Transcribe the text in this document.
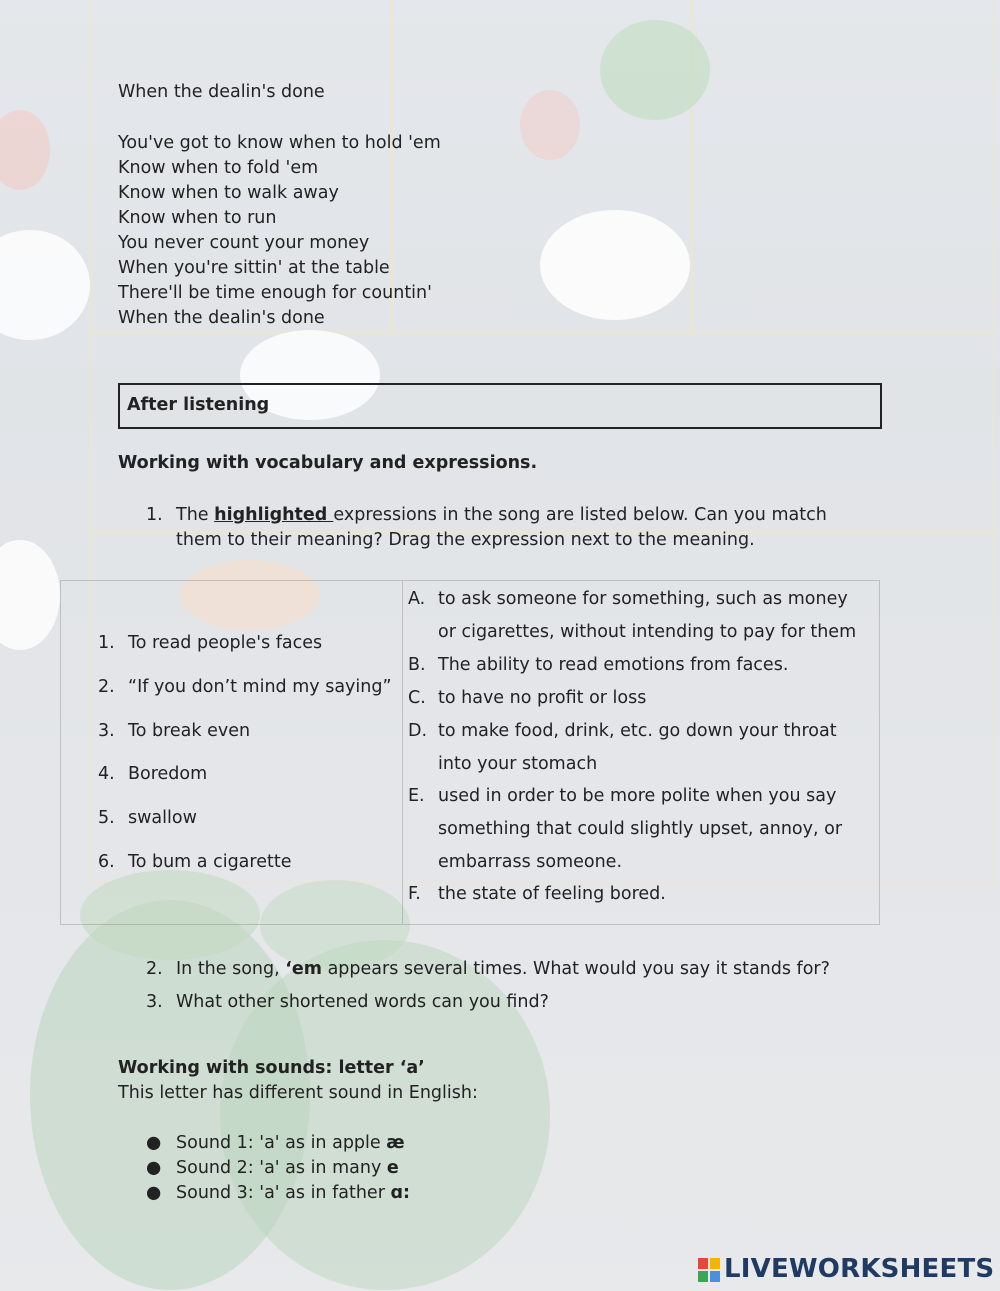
When the dealin's done
You've got to know when to hold 'em
Know when to fold 'em
Know when to walk away
Know when to run
You never count your money
When you're sittin' at the table
There'll be time enough for countin'
When the dealin's done
After listening
Working with vocabulary and expressions.
1. The highlighted expressions in the song are listed below. Can you match them to their meaning? Drag the expression next to the meaning.
1. To read people's faces
2. “If you don’t mind my saying”
3. To break even
4. Boredom
5. swallow
6. To bum a cigarette
A. to ask someone for something, such as money
or cigarettes, without intending to pay for them
B. The ability to read emotions from faces.
C. to have no profit or loss
D. to make food, drink, etc. go down your throat
into your stomach
E. used in order to be more polite when you say
something that could slightly upset, annoy, or
embarrass someone.
F. the state of feeling bored.
2. In the song, ‘em appears several times. What would you say it stands for?
3. What other shortened words can you find?
Working with sounds: letter ‘a’
This letter has different sound in English:
● Sound 1: 'a' as in apple æ
● Sound 2: 'a' as in many e
● Sound 3: 'a' as in father ɑ:
LIVEWORKSHEETS
